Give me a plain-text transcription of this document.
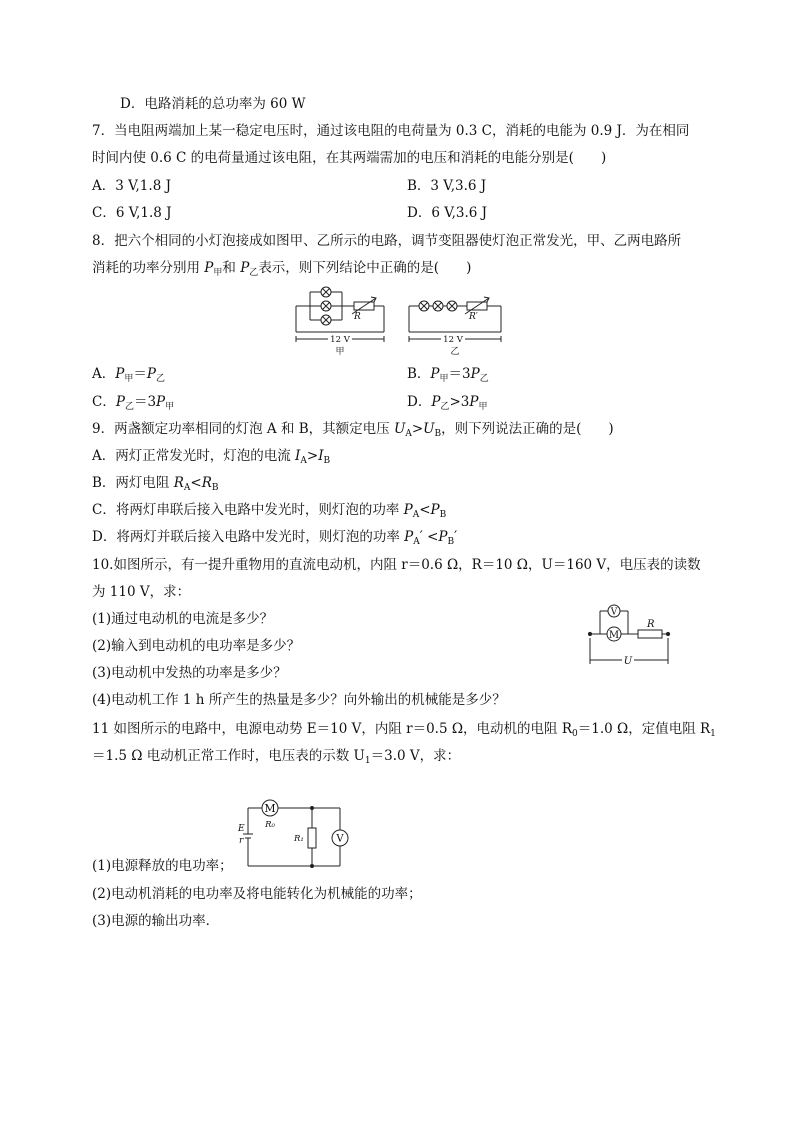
D．电路消耗的总功率为 60 W
7．当电阻两端加上某一稳定电压时，通过该电阻的电荷量为 0.3 C，消耗的电能为 0.9 J．为在相同
时间内使 0.6 C 的电荷量通过该电阻，在其两端需加的电压和消耗的电能分别是(　　)
A．3 V,1.8 J	B．3 V,3.6 J
C．6 V,1.8 J	D．6 V,3.6 J
8．把六个相同的小灯泡接成如图甲、乙所示的电路，调节变阻器使灯泡正常发光，甲、乙两电路所
消耗的功率分别用 $P_甲$和 $P_乙$表示，则下列结论中正确的是(　　)
R
12 V
甲
R′
12 V
乙
A．$P_甲=P_乙$	B．$P_甲=3P_乙$
C．$P_乙=3P_甲$	D．$P_乙>3P_甲$
9．两盏额定功率相同的灯泡 A 和 B，其额定电压 $U_A>U_B$，则下列说法正确的是(　　)
A．两灯正常发光时，灯泡的电流 $I_A>I_B$
B．两灯电阻 $R_A<R_B$
C．将两灯串联后接入电路中发光时，则灯泡的功率 $P_A<P_B$
D．将两灯并联后接入电路中发光时，则灯泡的功率 $P_A' <P_B'$
10.如图所示，有一提升重物用的直流电动机，内阻 r＝0.6 Ω，R＝10 Ω，U＝160 V，电压表的读数
为 110 V，求：
(1)通过电动机的电流是多少？
(2)输入到电动机的电功率是多少？
(3)电动机中发热的功率是多少？
(4)电动机工作 1 h 所产生的热量是多少？向外输出的机械能是多少？
V
M
R
U
11 如图所示的电路中，电源电动势 E＝10 V，内阻 r＝0.5 Ω，电动机的电阻 $R_0=1.0$ Ω，定值电阻 $R_1$
＝1.5 Ω 电动机正常工作时，电压表的示数 $U_1=3.0$ V，求：
M
R₀
E
r	R₁	V
(1)电源释放的电功率；
(2)电动机消耗的电功率及将电能转化为机械能的功率；
(3)电源的输出功率．
